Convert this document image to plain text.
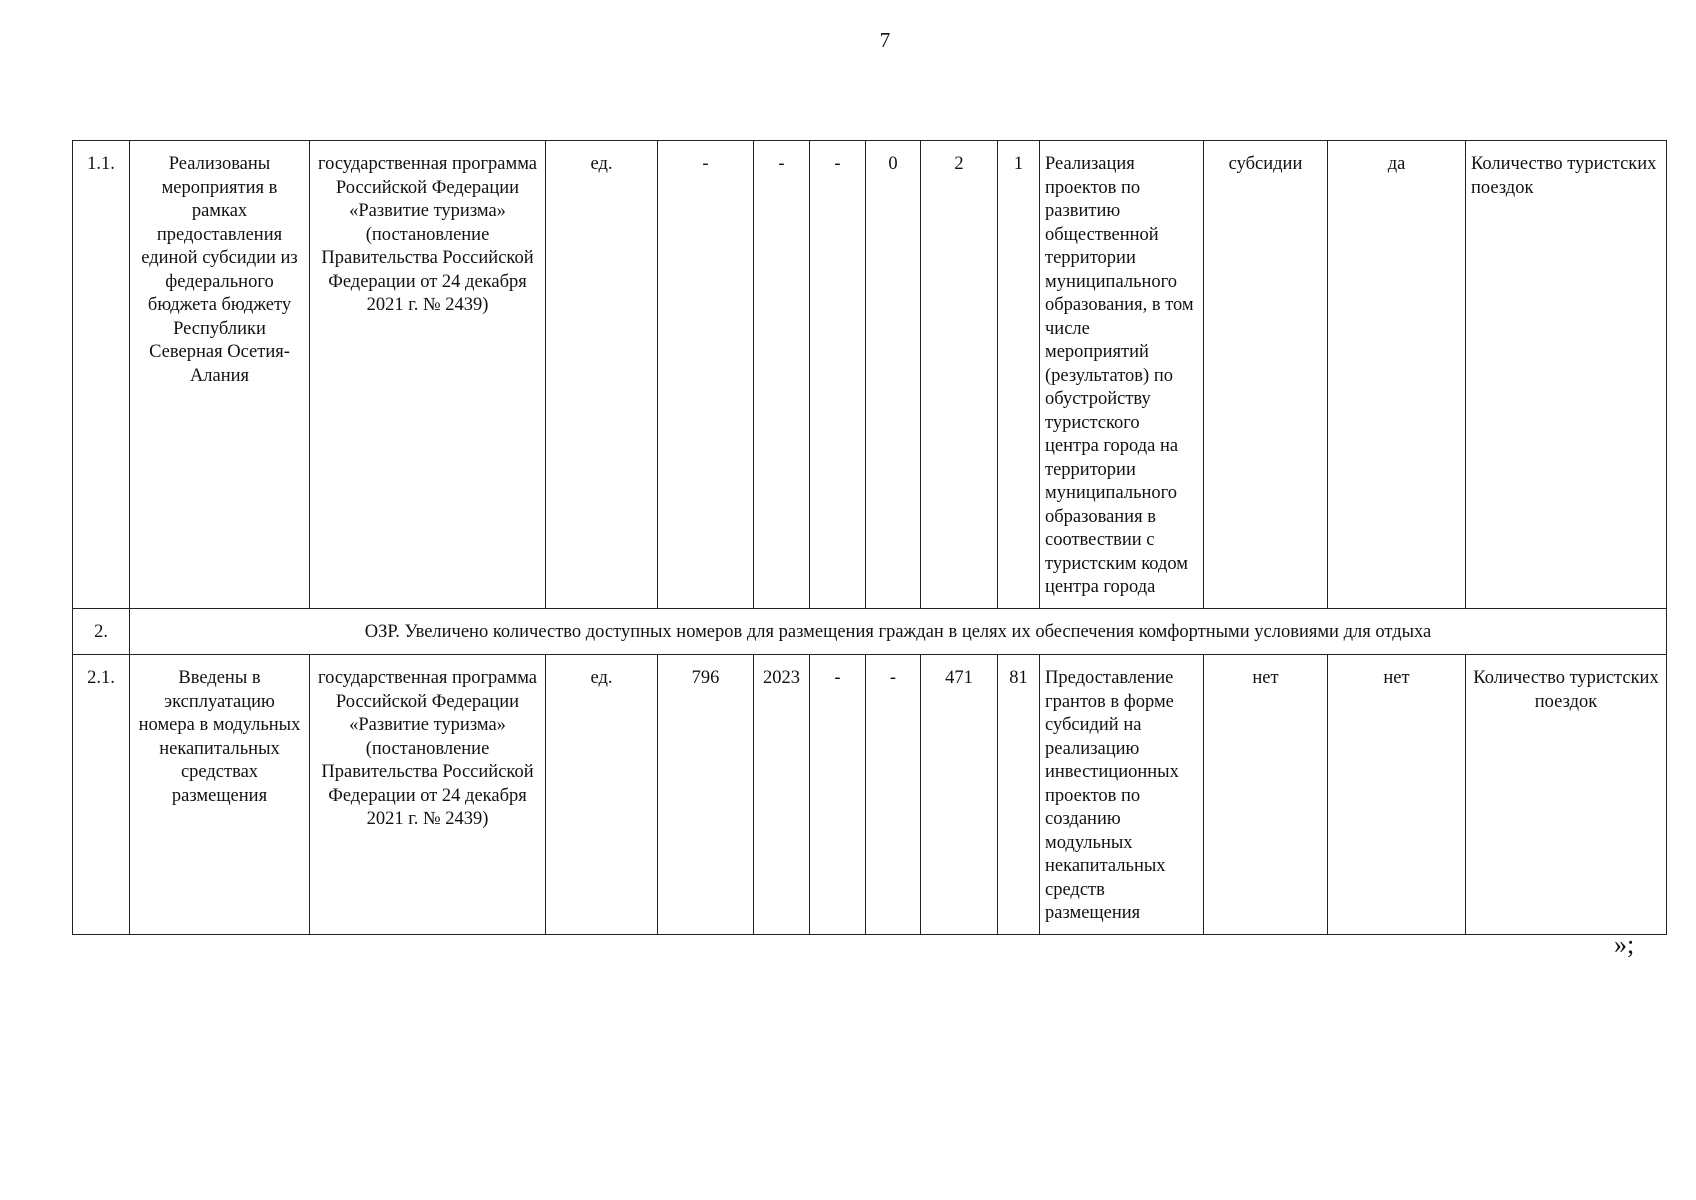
7
1.1.	Реализованы мероприятия в рамках предоставления единой субсидии из федерального бюджета бюджету Республики Северная Осетия-Алания	государственная программа Российской Федерации «Развитие туризма» (постановление Правительства Российской Федерации от 24 декабря 2021 г. № 2439)	ед.	-	-	-	0	2	1	Реализация проектов по развитию общественной территории муниципального образования, в том числе мероприятий (результатов) по обустройству туристского центра города на территории муниципального образования в соотвествии с туристским кодом центра города	субсидии	да	Количество туристских поездок
2.	ОЗР. Увеличено количество доступных номеров для размещения граждан в целях их обеспечения комфортными условиями для отдыха												
2.1.	Введены в эксплуатацию номера в модульных некапитальных средствах размещения	государственная программа Российской Федерации «Развитие туризма» (постановление Правительства Российской Федерации от 24 декабря 2021 г. № 2439)	ед.	796	2023	-	-	471	81	Предоставление грантов в форме субсидий на реализацию инвестиционных проектов по созданию модульных некапитальных средств размещения	нет	нет	Количество туристских поездок
»;
